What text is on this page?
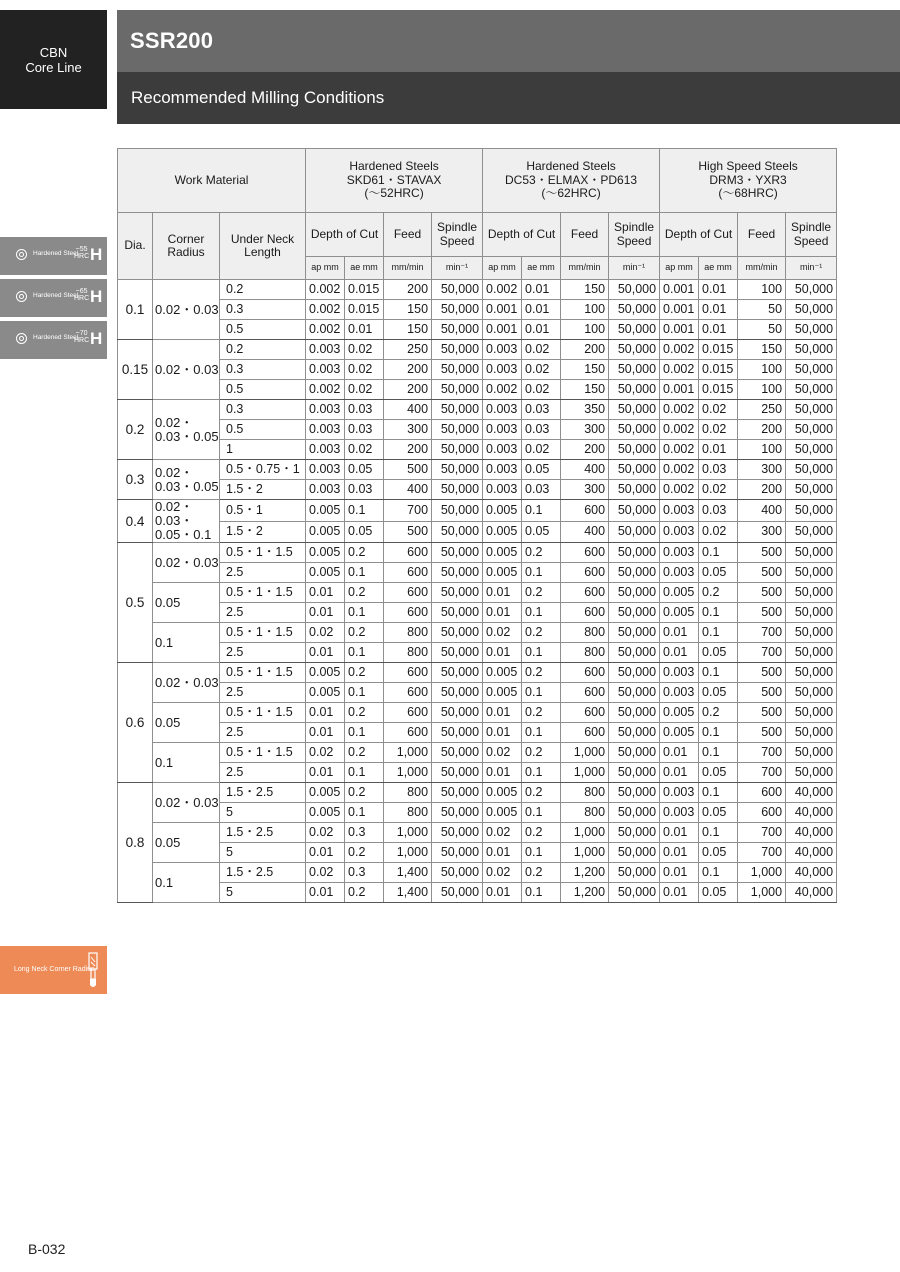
CBN
Core Line
SSR200
Recommended Milling Conditions
Hardened Steel
~55
HRC H
Hardened Steel
~65
HRC H
Hardened Steel
~70
HRC H
Long Neck Corner Radius
Work Material			Hardened Steels
SKD61・STAVAX
(〜52HRC)				Hardened Steels
DC53・ELMAX・PD613
(〜62HRC)				High Speed Steels
DRM3・YXR3
(〜68HRC)			
Dia.	Corner Radius	Under Neck Length	Depth of Cut		Feed	Spindle Speed	Depth of Cut		Feed	Spindle Speed	Depth of Cut		Feed	Spindle Speed
			ap mm	ae mm	mm/min	min⁻¹	ap mm	ae mm	mm/min	min⁻¹	ap mm	ae mm	mm/min	min⁻¹
0.1	0.02・0.03	0.2	0.002	0.015	200	50,000	0.002	0.01	150	50,000	0.001	0.01	100	50,000
		0.3	0.002	0.015	150	50,000	0.001	0.01	100	50,000	0.001	0.01	50	50,000
		0.5	0.002	0.01	150	50,000	0.001	0.01	100	50,000	0.001	0.01	50	50,000
0.15	0.02・0.03	0.2	0.003	0.02	250	50,000	0.003	0.02	200	50,000	0.002	0.015	150	50,000
		0.3	0.003	0.02	200	50,000	0.003	0.02	150	50,000	0.002	0.015	100	50,000
		0.5	0.002	0.02	200	50,000	0.002	0.02	150	50,000	0.001	0.015	100	50,000
0.2	0.02・0.03・0.05	0.3	0.003	0.03	400	50,000	0.003	0.03	350	50,000	0.002	0.02	250	50,000
		0.5	0.003	0.03	300	50,000	0.003	0.03	300	50,000	0.002	0.02	200	50,000
		1	0.003	0.02	200	50,000	0.003	0.02	200	50,000	0.002	0.01	100	50,000
0.3	0.02・0.03・0.05	0.5・0.75・1	0.003	0.05	500	50,000	0.003	0.05	400	50,000	0.002	0.03	300	50,000
		1.5・2	0.003	0.03	400	50,000	0.003	0.03	300	50,000	0.002	0.02	200	50,000
0.4	0.02・0.03・0.05・0.1	0.5・1	0.005	0.1	700	50,000	0.005	0.1	600	50,000	0.003	0.03	400	50,000
		1.5・2	0.005	0.05	500	50,000	0.005	0.05	400	50,000	0.003	0.02	300	50,000
0.5	0.02・0.03	0.5・1・1.5	0.005	0.2	600	50,000	0.005	0.2	600	50,000	0.003	0.1	500	50,000
		2.5	0.005	0.1	600	50,000	0.005	0.1	600	50,000	0.003	0.05	500	50,000
	0.05	0.5・1・1.5	0.01	0.2	600	50,000	0.01	0.2	600	50,000	0.005	0.2	500	50,000
		2.5	0.01	0.1	600	50,000	0.01	0.1	600	50,000	0.005	0.1	500	50,000
	0.1	0.5・1・1.5	0.02	0.2	800	50,000	0.02	0.2	800	50,000	0.01	0.1	700	50,000
		2.5	0.01	0.1	800	50,000	0.01	0.1	800	50,000	0.01	0.05	700	50,000
0.6	0.02・0.03	0.5・1・1.5	0.005	0.2	600	50,000	0.005	0.2	600	50,000	0.003	0.1	500	50,000
		2.5	0.005	0.1	600	50,000	0.005	0.1	600	50,000	0.003	0.05	500	50,000
	0.05	0.5・1・1.5	0.01	0.2	600	50,000	0.01	0.2	600	50,000	0.005	0.2	500	50,000
		2.5	0.01	0.1	600	50,000	0.01	0.1	600	50,000	0.005	0.1	500	50,000
	0.1	0.5・1・1.5	0.02	0.2	1,000	50,000	0.02	0.2	1,000	50,000	0.01	0.1	700	50,000
		2.5	0.01	0.1	1,000	50,000	0.01	0.1	1,000	50,000	0.01	0.05	700	50,000
0.8	0.02・0.03	1.5・2.5	0.005	0.2	800	50,000	0.005	0.2	800	50,000	0.003	0.1	600	40,000
		5	0.005	0.1	800	50,000	0.005	0.1	800	50,000	0.003	0.05	600	40,000
	0.05	1.5・2.5	0.02	0.3	1,000	50,000	0.02	0.2	1,000	50,000	0.01	0.1	700	40,000
		5	0.01	0.2	1,000	50,000	0.01	0.1	1,000	50,000	0.01	0.05	700	40,000
	0.1	1.5・2.5	0.02	0.3	1,400	50,000	0.02	0.2	1,200	50,000	0.01	0.1	1,000	40,000
		5	0.01	0.2	1,400	50,000	0.01	0.1	1,200	50,000	0.01	0.05	1,000	40,000
B-032
